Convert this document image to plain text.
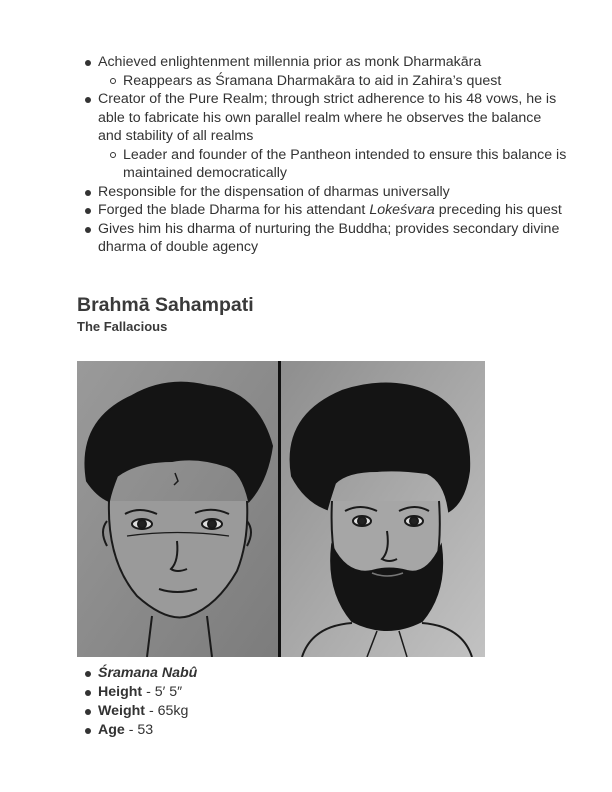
Achieved enlightenment millennia prior as monk Dharmakāra
Reappears as Śramana Dharmakāra to aid in Zahira’s quest
Creator of the Pure Realm; through strict adherence to his 48 vows, he is able to fabricate his own parallel realm where he observes the balance and stability of all realms
Leader and founder of the Pantheon intended to ensure this balance is maintained democratically
Responsible for the dispensation of dharmas universally
Forged the blade Dharma for his attendant Lokeśvara preceding his quest
Gives him his dharma of nurturing the Buddha; provides secondary divine dharma of double agency
Brahmā Sahampati
The Fallacious
Śramana Nabû
Height - 5′ 5″
Weight - 65kg
Age - 53
